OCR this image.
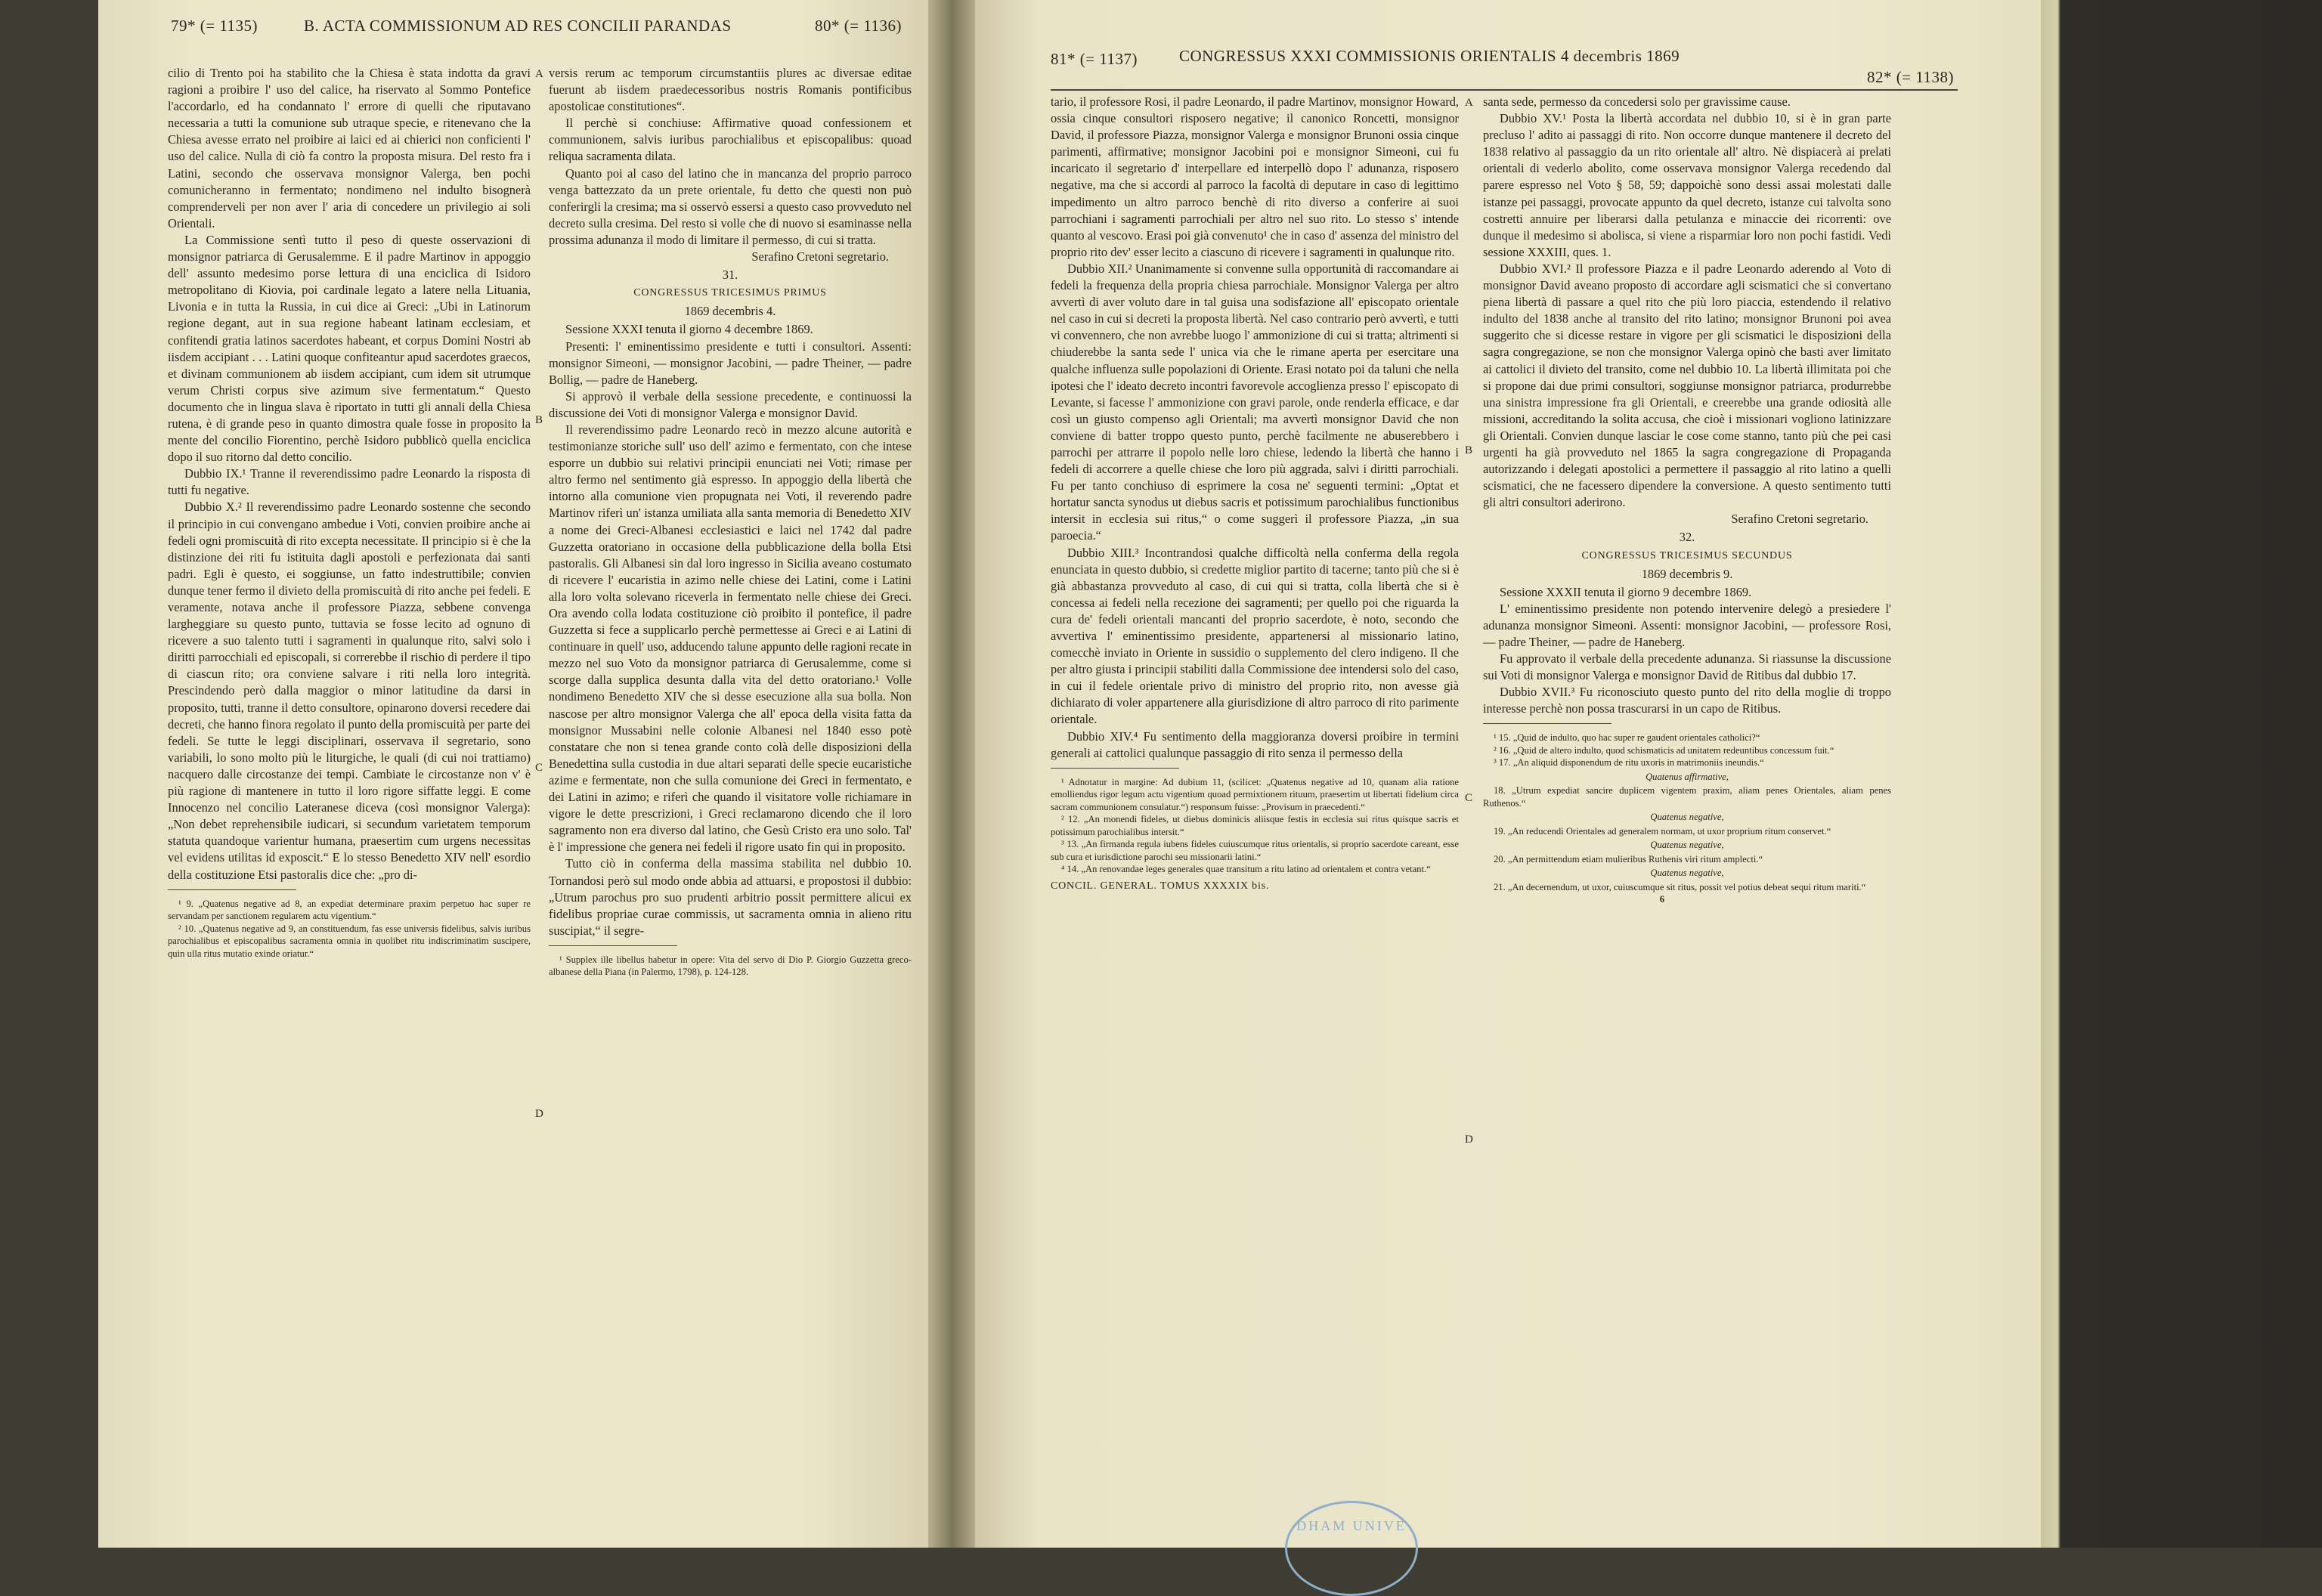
79* (= 1135)	B. ACTA COMMISSIONUM AD RES CONCILII PARANDAS	80* (= 1136)

cilio di Trento poi ha stabilito che la Chiesa è stata indotta da gravi ragioni a proibire l' uso del calice, ha riservato al Sommo Pontefice l'accordarlo, ed ha condannato l' errore di quelli che riputavano necessaria a tutti la comunione sub utraque specie, e ritenevano che la Chiesa avesse errato nel proibire ai laici ed ai chierici non conficienti l' uso del calice. Nulla di ciò fa contro la proposta misura. Del resto fra i Latini, secondo che osservava monsignor Valerga, ben pochi comunicheranno in fermentato; nondimeno nel indulto bisognerà comprenderveli per non aver l' aria di concedere un privilegio ai soli Orientali.

La Commissione sentì tutto il peso di queste osservazioni di monsignor patriarca di Gerusalemme. E il padre Martinov in appoggio dell' assunto medesimo porse lettura di una enciclica di Isidoro metropolitano di Kiovia, poi cardinale legato a latere nella Lituania, Livonia e in tutta la Russia, in cui dice ai Greci: „Ubi in Latinorum regione degant, aut in sua regione habeant latinam ecclesiam, et confitendi gratia latinos sacerdotes habeant, et corpus Domini Nostri ab iisdem accipiant . . . Latini quoque confiteantur apud sacerdotes graecos, et divinam communionem ab iisdem accipiant, cum idem sit utrumque verum Christi corpus sive azimum sive fermentatum.“ Questo documento che in lingua slava è riportato in tutti gli annali della Chiesa rutena, è di grande peso in quanto dimostra quale fosse in proposito la mente del concilio Fiorentino, perchè Isidoro pubblicò quella enciclica dopo il suo ritorno dal detto concilio.

Dubbio IX.¹ Tranne il reverendissimo padre Leonardo la risposta di tutti fu negative.

Dubbio X.² Il reverendissimo padre Leonardo sostenne che secondo il principio in cui convengano ambedue i Voti, convien proibire anche ai fedeli ogni promiscuità di rito excepta necessitate. Il principio si è che la distinzione dei riti fu istituita dagli apostoli e perfezionata dai santi padri. Egli è questo, ei soggiunse, un fatto indestruttibile; convien dunque tener fermo il divieto della promiscuità di rito anche pei fedeli. E veramente, notava anche il professore Piazza, sebbene convenga largheggiare su questo punto, tuttavia se fosse lecito ad ognuno di ricevere a suo talento tutti i sagramenti in qualunque rito, salvi solo i diritti parrocchiali ed episcopali, si correrebbe il rischio di perdere il tipo di ciascun rito; ora conviene salvare i riti nella loro integrità. Prescindendo però dalla maggior o minor latitudine da darsi in proposito, tutti, tranne il detto consultore, opinarono doversi recedere dai decreti, che hanno finora regolato il punto della promiscuità per parte dei fedeli. Se tutte le leggi disciplinari, osservava il segretario, sono variabili, lo sono molto più le liturgiche, le quali (di cui noi trattiamo) nacquero dalle circostanze dei tempi. Cambiate le circostanze non v' è più ragione di mantenere in tutto il loro rigore siffatte leggi. E come Innocenzo nel concilio Lateranese diceva (così monsignor Valerga): „Non debet reprehensibile iudicari, si secundum varietatem temporum statuta quandoque varientur humana, praesertim cum urgens necessitas vel evidens utilitas id exposcit.“ E lo stesso Benedetto XIV nell' esordio della costituzione Etsi pastoralis dice che: „pro di-

¹ 9. „Quatenus negative ad 8, an expediat determinare praxim perpetuo hac super re servandam per sanctionem regularem actu vigentium.“

² 10. „Quatenus negative ad 9, an constituendum, fas esse universis fidelibus, salvis iuribus parochialibus et episcopalibus sacramenta omnia in quolibet ritu indiscriminatim suscipere, quin ulla ritus mutatio exinde oriatur.“

A
B
C
D

versis rerum ac temporum circumstantiis plures ac diversae editae fuerunt ab iisdem praedecessoribus nostris Romanis pontificibus apostolicae constitutiones“.

Il perchè si conchiuse: Affirmative quoad confessionem et communionem, salvis iuribus parochialibus et episcopalibus: quoad reliqua sacramenta dilata.

Quanto poi al caso del latino che in mancanza del proprio parroco venga battezzato da un prete orientale, fu detto che questi non può conferirgli la cresima; ma si osservò essersi a questo caso provveduto nel decreto sulla cresima. Del resto si volle che di nuovo si esaminasse nella prossima adunanza il modo di limitare il permesso, di cui si tratta.

Serafino Cretoni segretario.

31.

CONGRESSUS TRICESIMUS PRIMUS

1869 decembris 4.

Sessione XXXI tenuta il giorno 4 decembre 1869.

Presenti: l' eminentissimo presidente e tutti i consultori. Assenti: monsignor Simeoni, — monsignor Jacobini, — padre Theiner, — padre Bollig, — padre de Haneberg.

Si approvò il verbale della sessione precedente, e continuossi la discussione dei Voti di monsignor Valerga e monsignor David.

Il reverendissimo padre Leonardo recò in mezzo alcune autorità e testimonianze storiche sull' uso dell' azimo e fermentato, con che intese esporre un dubbio sui relativi principii enunciati nei Voti; rimase per altro fermo nel sentimento già espresso. In appoggio della libertà che intorno alla comunione vien propugnata nei Voti, il reverendo padre Martinov riferì un' istanza umiliata alla santa memoria di Benedetto XIV a nome dei Greci-Albanesi ecclesiastici e laici nel 1742 dal padre Guzzetta oratoriano in occasione della pubblicazione della bolla Etsi pastoralis. Gli Albanesi sin dal loro ingresso in Sicilia aveano costumato di ricevere l' eucaristia in azimo nelle chiese dei Latini, come i Latini alla loro volta solevano riceverla in fermentato nelle chiese dei Greci. Ora avendo colla lodata costituzione ciò proibito il pontefice, il padre Guzzetta si fece a supplicarlo perchè permettesse ai Greci e ai Latini di continuare in quell' uso, adducendo talune appunto delle ragioni recate in mezzo nel suo Voto da monsignor patriarca di Gerusalemme, come si scorge dalla supplica desunta dalla vita del detto oratoriano.¹ Volle nondimeno Benedetto XIV che si desse esecuzione alla sua bolla. Non nascose per altro monsignor Valerga che all' epoca della visita fatta da monsignor Mussabini nelle colonie Albanesi nel 1840 esso potè constatare che non si tenea grande conto colà delle disposizioni della Benedettina sulla custodia in due altari separati delle specie eucaristiche azime e fermentate, non che sulla comunione dei Greci in fermentato, e dei Latini in azimo; e riferì che quando il visitatore volle richiamare in vigore le dette prescrizioni, i Greci reclamarono dicendo che il loro sagramento non era diverso dal latino, che Gesù Cristo era uno solo. Tal' è l' impressione che genera nei fedeli il rigore usato fin qui in proposito.

Tutto ciò in conferma della massima stabilita nel dubbio 10. Tornandosi però sul modo onde abbia ad attuarsi, e propostosi il dubbio: „Utrum parochus pro suo prudenti arbitrio possit permittere alicui ex fidelibus propriae curae commissis, ut sacramenta omnia in alieno ritu suscipiat,“ il segre-

¹ Supplex ille libellus habetur in opere: Vita del servo di Dio P. Giorgio Guzzetta greco-albanese della Piana (in Palermo, 1798), p. 124-128.

81* (= 1137)	CONGRESSUS XXXI COMMISSIONIS ORIENTALIS 4 decembris 1869
82* (= 1138)

tario, il professore Rosi, il padre Leonardo, il padre Martinov, monsignor Howard, ossia cinque consultori risposero negative; il canonico Roncetti, monsignor David, il professore Piazza, monsignor Valerga e monsignor Brunoni ossia cinque parimenti, affirmative; monsignor Jacobini poi e monsignor Simeoni, cui fu incaricato il segretario d' interpellare ed interpellò dopo l' adunanza, risposero negative, ma che si accordi al parroco la facoltà di deputare in caso di legittimo impedimento un altro parroco benchè di rito diverso a conferire ai suoi parrochiani i sagramenti parrochiali per altro nel suo rito. Lo stesso s' intende quanto al vescovo. Erasi poi già convenuto¹ che in caso d' assenza del ministro del proprio rito dev' esser lecito a ciascuno di ricevere i sagramenti in qualunque rito.

Dubbio XII.² Unanimamente si convenne sulla opportunità di raccomandare ai fedeli la frequenza della propria chiesa parrochiale. Monsignor Valerga per altro avvertì di aver voluto dare in tal guisa una sodisfazione all' episcopato orientale nel caso in cui si decreti la proposta libertà. Nel caso contrario però avvertì, e tutti vi convennero, che non avrebbe luogo l' ammonizione di cui si tratta; altrimenti si chiuderebbe la santa sede l' unica via che le rimane aperta per esercitare una qualche influenza sulle popolazioni di Oriente. Erasi notato poi da taluni che nella ipotesi che l' ideato decreto incontri favorevole accoglienza presso l' episcopato di Levante, si facesse l' ammonizione con gravi parole, onde renderla efficace, e dar così un giusto compenso agli Orientali; ma avvertì monsignor David che non conviene di batter troppo questo punto, perchè facilmente ne abuserebbero i parrochi per attrarre il popolo nelle loro chiese, ledendo la libertà che hanno i fedeli di accorrere a quelle chiese che loro più aggrada, salvi i diritti parrochiali. Fu per tanto conchiuso di esprimere la cosa ne' seguenti termini: „Optat et hortatur sancta synodus ut diebus sacris et potissimum parochialibus functionibus intersit in ecclesia sui ritus,“ o come suggerì il professore Piazza, „in sua paroecia.“

Dubbio XIII.³ Incontrandosi qualche difficoltà nella conferma della regola enunciata in questo dubbio, si credette miglior partito di tacerne; tanto più che si è già abbastanza provveduto al caso, di cui qui si tratta, colla libertà che si è concessa ai fedeli nella recezione dei sagramenti; per quello poi che riguarda la cura de' fedeli orientali mancanti del proprio sacerdote, è noto, secondo che avvertiva l' eminentissimo presidente, appartenersi al missionario latino, comecchè inviato in Oriente in sussidio o supplemento del clero indigeno. Il che per altro giusta i principii stabiliti dalla Commissione dee intendersi solo del caso, in cui il fedele orientale privo di ministro del proprio rito, non avesse già dichiarato di voler appartenere alla giurisdizione di altro parroco di rito parimente orientale.

Dubbio XIV.⁴ Fu sentimento della maggioranza doversi proibire in termini generali ai cattolici qualunque passaggio di rito senza il permesso della

¹ Adnotatur in margine: Ad dubium 11, (scilicet: „Quatenus negative ad 10, quanam alia ratione emolliendus rigor legum actu vigentium quoad permixtionem rituum, praesertim ut libertati fidelium circa sacram communionem consulatur.“) responsum fuisse: „Provisum in praecedenti.“

² 12. „An monendi fideles, ut diebus dominicis aliisque festis in ecclesia sui ritus quisque sacris et potissimum parochialibus intersit.“

³ 13. „An firmanda regula iubens fideles cuiuscumque ritus orientalis, si proprio sacerdote careant, esse sub cura et iurisdictione parochi seu missionarii latini.“

⁴ 14. „An renovandae leges generales quae transitum a ritu latino ad orientalem et contra vetant.“

CONCIL. GENERAL. TOMUS XXXXIX bis.

A
B
C
D

santa sede, permesso da concedersi solo per gravissime cause.

Dubbio XV.¹ Posta la libertà accordata nel dubbio 10, si è in gran parte precluso l' adito ai passaggi di rito. Non occorre dunque mantenere il decreto del 1838 relativo al passaggio da un rito orientale all' altro. Nè dispiacerà ai prelati orientali di vederlo abolito, come osservava monsignor Valerga recedendo dal parere espresso nel Voto § 58, 59; dappoichè sono dessi assai molestati dalle istanze pei passaggi, provocate appunto da quel decreto, istanze cui talvolta sono costretti annuire per liberarsi dalla petulanza e minaccie dei ricorrenti: ove dunque il medesimo si abolisca, si viene a risparmiar loro non pochi fastidi. Vedi sessione XXXIII, ques. 1.

Dubbio XVI.² Il professore Piazza e il padre Leonardo aderendo al Voto di monsignor David aveano proposto di accordare agli scismatici che si convertano piena libertà di passare a quel rito che più loro piaccia, estendendo il relativo indulto del 1838 anche al transito del rito latino; monsignor Brunoni poi avea suggerito che si dicesse restare in vigore per gli scismatici le disposizioni della sagra congregazione, se non che monsignor Valerga opinò che basti aver limitato ai cattolici il divieto del transito, come nel dubbio 10. La libertà illimitata poi che si propone dai due primi consultori, soggiunse monsignor patriarca, produrrebbe una sinistra impressione fra gli Orientali, e creerebbe una grande odiosità alle missioni, accreditando la solita accusa, che cioè i missionari vogliono latinizzare gli Orientali. Convien dunque lasciar le cose come stanno, tanto più che pei casi urgenti ha già provveduto nel 1865 la sagra congregazione di Propaganda autorizzando i delegati apostolici a permettere il passaggio al rito latino a quelli scismatici, che ne facessero dipendere la conversione. A questo sentimento tutti gli altri consultori aderirono.

Serafino Cretoni segretario.

32.

CONGRESSUS TRICESIMUS SECUNDUS

1869 decembris 9.

Sessione XXXII tenuta il giorno 9 decembre 1869.

L' eminentissimo presidente non potendo intervenire delegò a presiedere l' adunanza monsignor Simeoni. Assenti: monsignor Jacobini, — professore Rosi, — padre Theiner, — padre de Haneberg.

Fu approvato il verbale della precedente adunanza. Si riassunse la discussione sui Voti di monsignor Valerga e monsignor David de Ritibus dal dubbio 17.

Dubbio XVII.³ Fu riconosciuto questo punto del rito della moglie di troppo interesse perchè non possa trascurarsi in un capo de Ritibus.

¹ 15. „Quid de indulto, quo hac super re gaudent orientales catholici?“

² 16. „Quid de altero indulto, quod schismaticis ad unitatem redeuntibus concessum fuit.“

³ 17. „An aliquid disponendum de ritu uxoris in matrimoniis ineundis.“

Quatenus affirmative,

18. „Utrum expediat sancire duplicem vigentem praxim, aliam penes Orientales, aliam penes Ruthenos.“

Quatenus negative,

19. „An reducendi Orientales ad generalem normam, ut uxor proprium ritum conservet.“

Quatenus negative,

20. „An permittendum etiam mulieribus Ruthenis viri ritum amplecti.“

Quatenus negative,

21. „An decernendum, ut uxor, cuiuscumque sit ritus, possit vel potius debeat sequi ritum mariti.“

6

DHAM UNIVE
